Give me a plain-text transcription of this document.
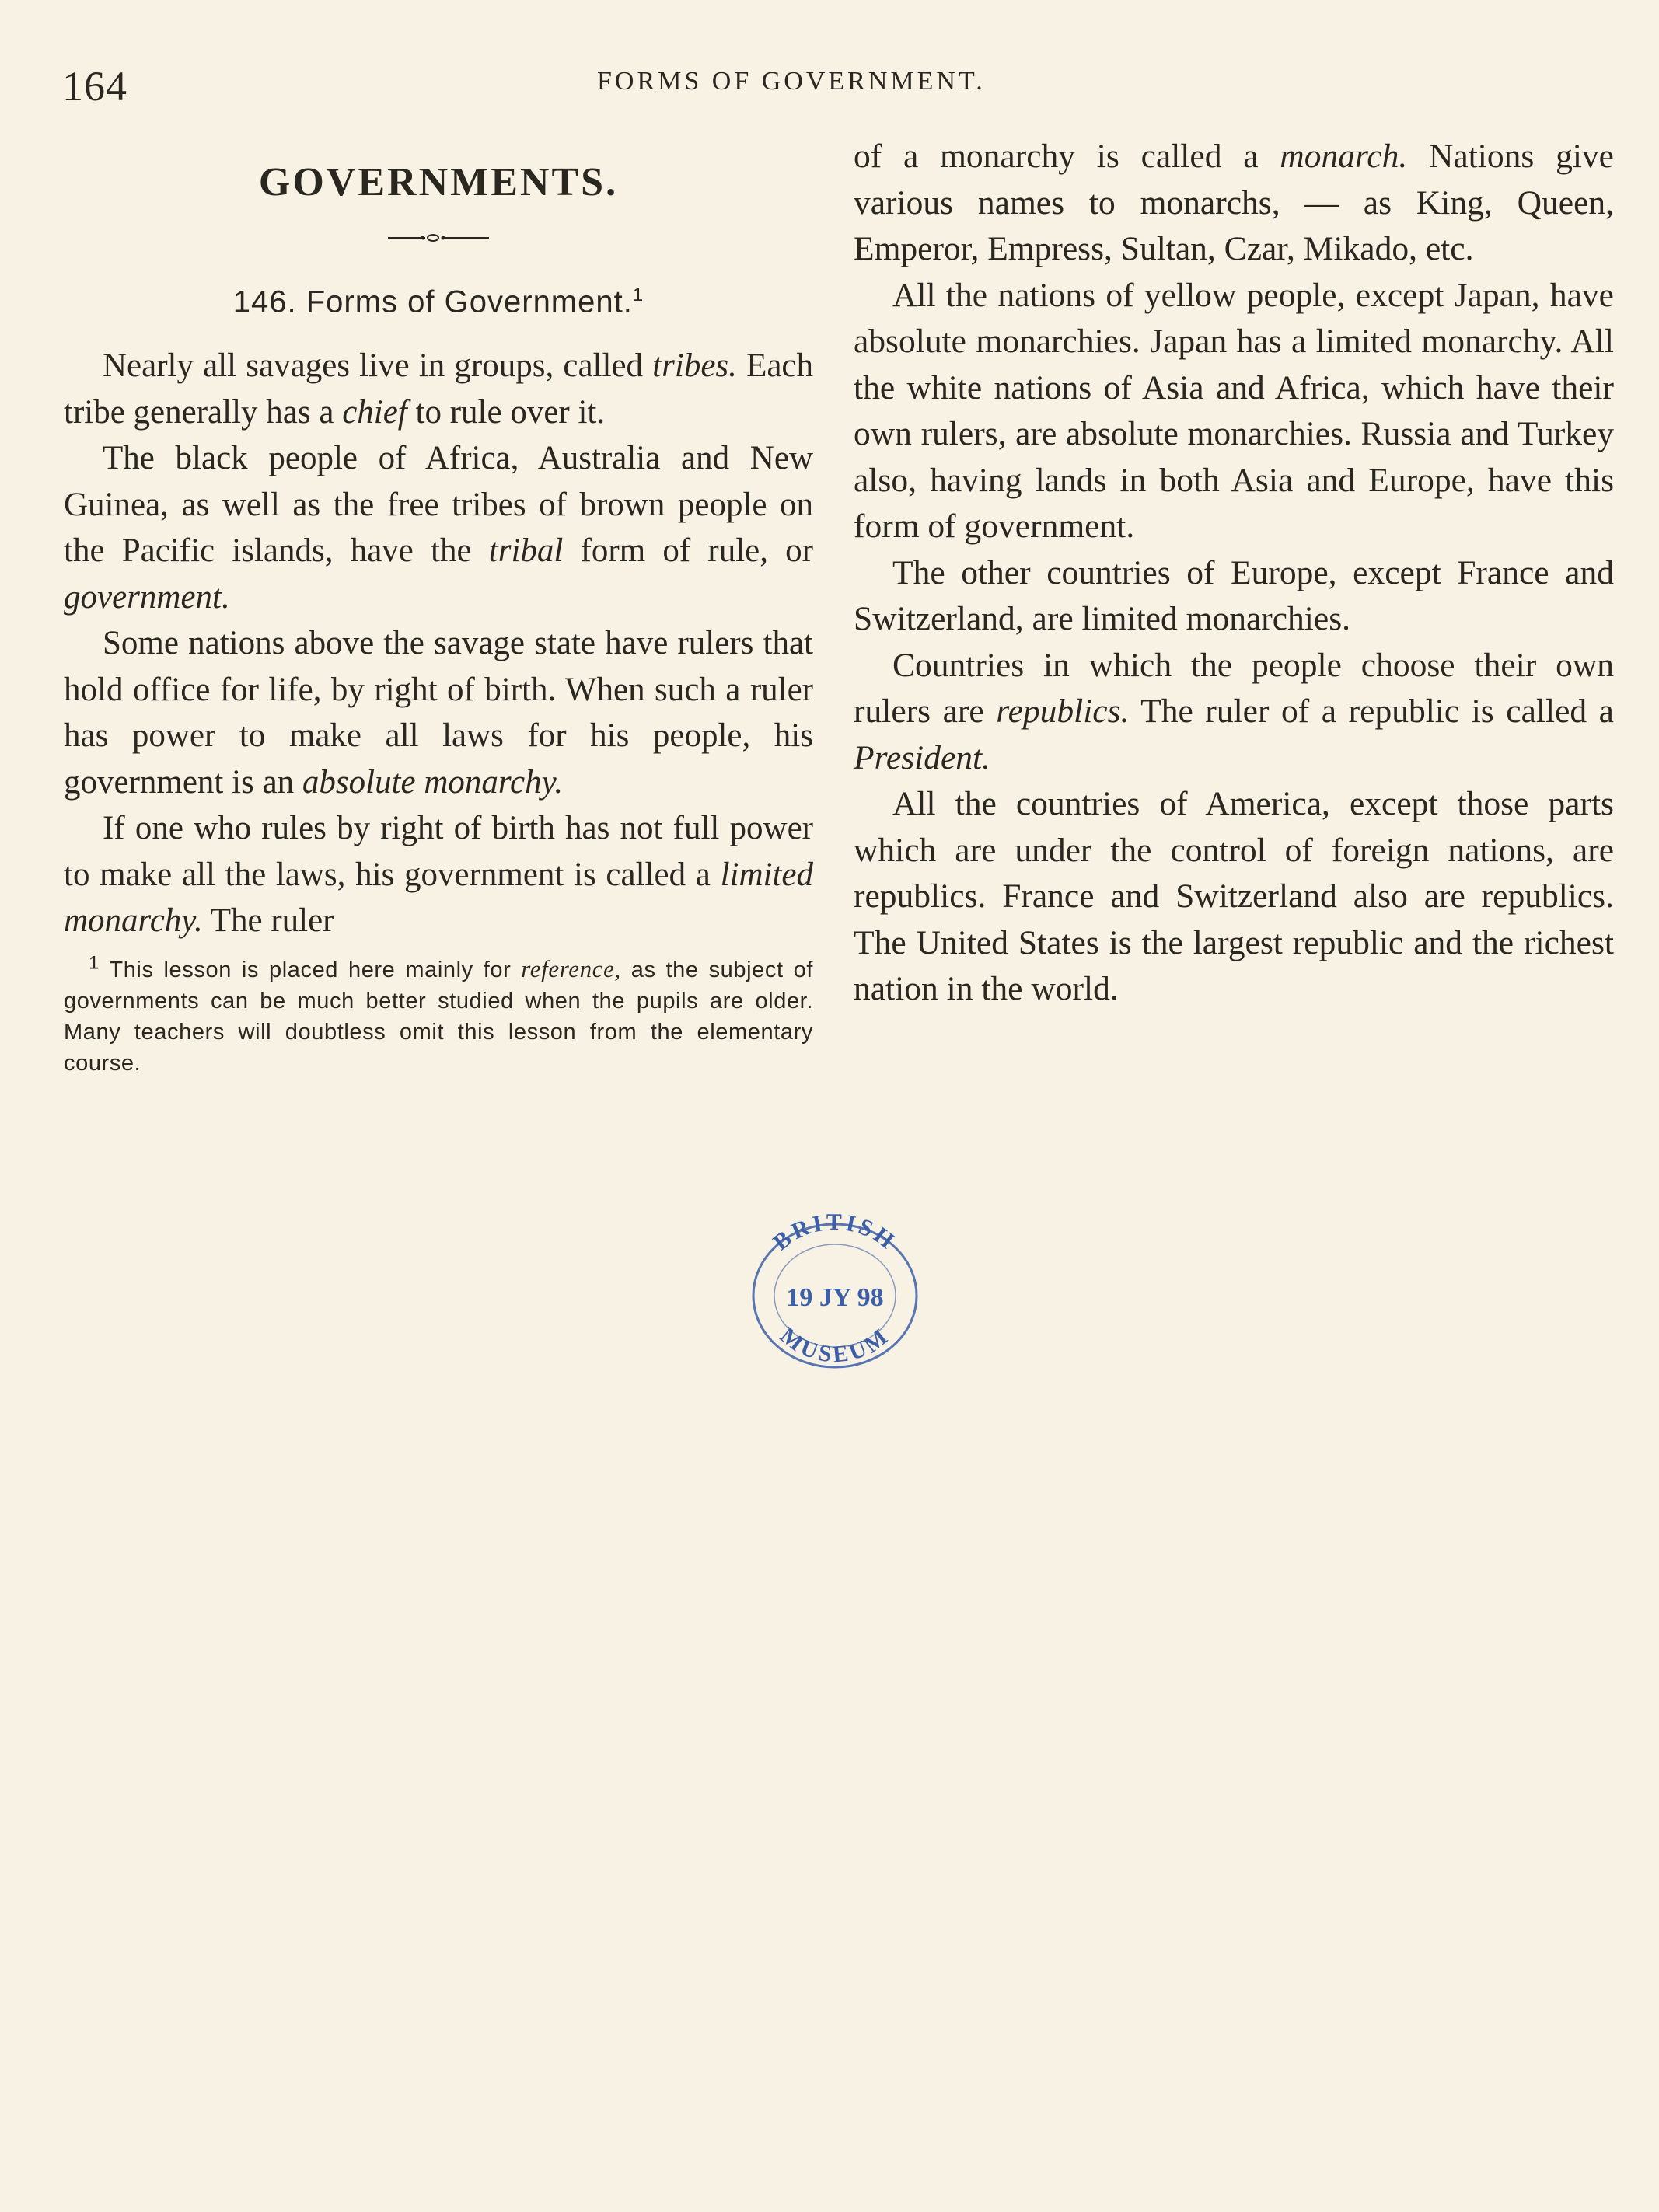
164	FORMS OF GOVERNMENT.
GOVERNMENTS.
146. Forms of Government.$^1$

Nearly all savages live in groups, called tribes. Each tribe generally has a chief to rule over it.

The black people of Africa, Australia and New Guinea, as well as the free tribes of brown people on the Pacific islands, have the tribal form of rule, or government.

Some nations above the savage state have rulers that hold office for life, by right of birth. When such a ruler has power to make all laws for his people, his government is an absolute monarchy.

If one who rules by right of birth has not full power to make all the laws, his government is called a limited monarchy. The ruler

$^1$ This lesson is placed here mainly for reference, as the subject of governments can be much better studied when the pupils are older. Many teachers will doubtless omit this lesson from the elementary course.

of a monarchy is called a monarch. Nations give various names to monarchs, — as King, Queen, Emperor, Empress, Sultan, Czar, Mikado, etc.

All the nations of yellow people, except Japan, have absolute monarchies. Japan has a limited monarchy. All the white nations of Asia and Africa, which have their own rulers, are absolute monarchies. Russia and Turkey also, having lands in both Asia and Europe, have this form of government.

The other countries of Europe, except France and Switzerland, are limited monarchies.

Countries in which the people choose their own rulers are republics. The ruler of a republic is called a President.

All the countries of America, except those parts which are under the control of foreign nations, are republics. France and Switzerland also are republics. The United States is the largest republic and the richest nation in the world.

BRITISH
19 JY 98
MUSEUM
